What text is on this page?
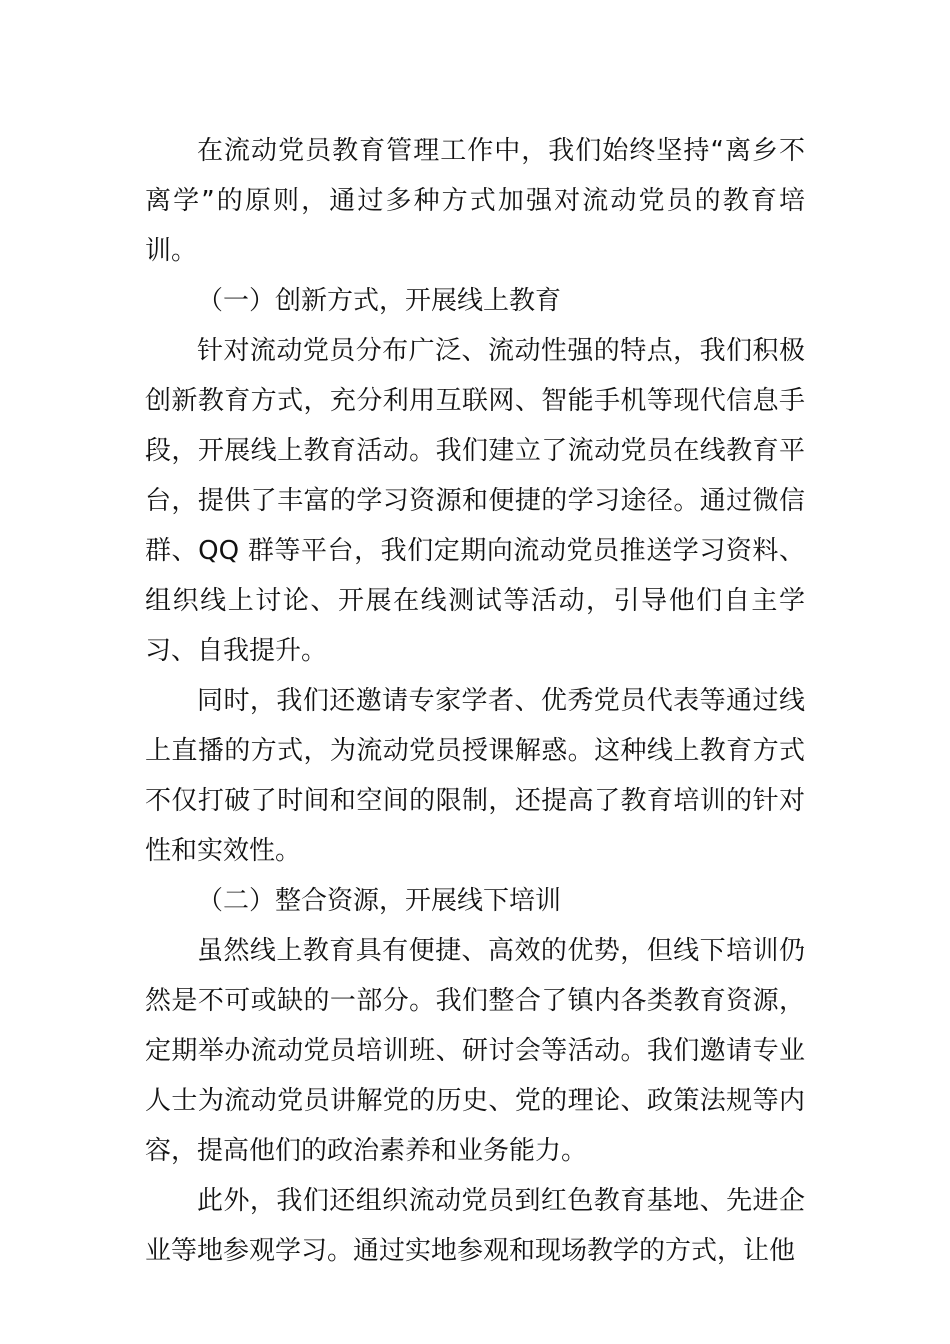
在流动党员教育管理工作中，我们始终坚持“离乡不离学”的原则，通过多种方式加强对流动党员的教育培训。

（一）创新方式，开展线上教育

针对流动党员分布广泛、流动性强的特点，我们积极创新教育方式，充分利用互联网、智能手机等现代信息手段，开展线上教育活动。我们建立了流动党员在线教育平台，提供了丰富的学习资源和便捷的学习途径。通过微信群、QQ 群等平台，我们定期向流动党员推送学习资料、组织线上讨论、开展在线测试等活动，引导他们自主学习、自我提升。

同时，我们还邀请专家学者、优秀党员代表等通过线上直播的方式，为流动党员授课解惑。这种线上教育方式不仅打破了时间和空间的限制，还提高了教育培训的针对性和实效性。

（二）整合资源，开展线下培训

虽然线上教育具有便捷、高效的优势，但线下培训仍然是不可或缺的一部分。我们整合了镇内各类教育资源，定期举办流动党员培训班、研讨会等活动。我们邀请专业人士为流动党员讲解党的历史、党的理论、政策法规等内容，提高他们的政治素养和业务能力。

此外，我们还组织流动党员到红色教育基地、先进企业等地参观学习。通过实地参观和现场教学的方式，让他
